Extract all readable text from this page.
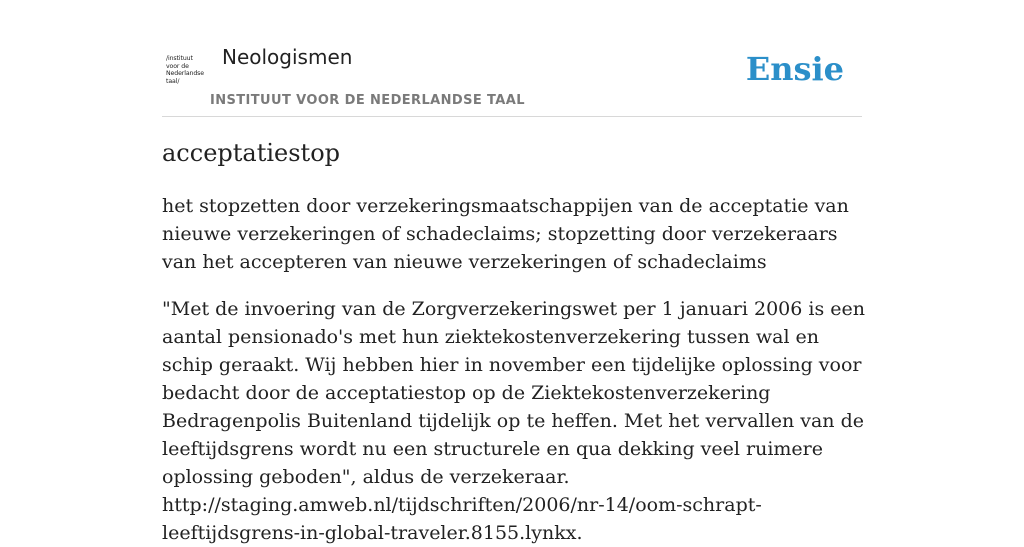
/instituut
voor de
Nederlandse
taal/
Neologismen
INSTITUUT VOOR DE NEDERLANDSE TAAL
Ensie
acceptatiestop
het stopzetten door verzekeringsmaatschappijen van de acceptatie van nieuwe verzekeringen of schadeclaims; stopzetting door verzekeraars van het accepteren van nieuwe verzekeringen of schadeclaims
"Met de invoering van de Zorgverzekeringswet per 1 januari 2006 is een aantal pensionado's met hun ziektekostenverzekering tussen wal en schip geraakt. Wij hebben hier in november een tijdelijke oplossing voor bedacht door de acceptatiestop op de Ziektekostenverzekering Bedragenpolis Buitenland tijdelijk op te heffen. Met het vervallen van de leeftijdsgrens wordt nu een structurele en qua dekking veel ruimere oplossing geboden", aldus de verzekeraar. http://staging.amweb.nl/tijdschriften/2006/nr-14/oom-schrapt-leeftijdsgrens-in-global-traveler.8155.lynkx.
